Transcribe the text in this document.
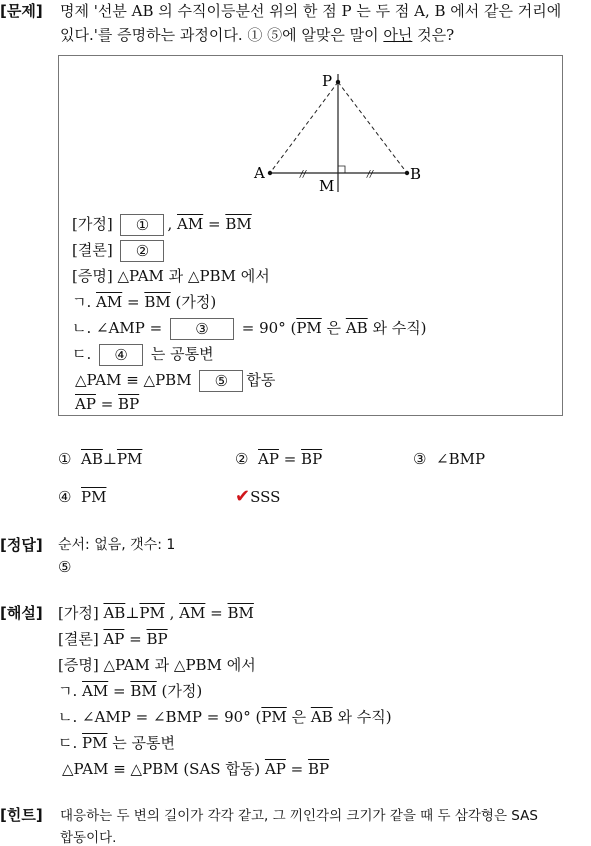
[문제] 명제 '선분 AB 의 수직이등분선 위의 한 점 P 는 두 점 A, B 에서 같은 거리에
있다.'를 증명하는 과정이다. ① ⑤에 알맞은 말이 아닌 것은?
P
A	B
M
//	//
[가정] ① , $\overline{AM} = \overline{BM}$
[결론] ②
[증명] △PAM 과 △PBM 에서
ㄱ. $\overline{AM} = \overline{BM}$ (가정)
ㄴ. ∠AMP = ③ = 90° ($\overline{PM}$ 은 $\overline{AB}$ 와 수직)
ㄷ. ④ 는 공통변
△PAM ≡ △PBM ⑤ 합동
$\overline{AP} = \overline{BP}$
① $\overline{AB}\perp\overline{PM}$	② $\overline{AP} = \overline{BP}$	③ ∠BMP
④ $\overline{PM}$	✔SSS
[정답] 순서: 없음, 갯수: 1
⑤
[해설] [가정] $\overline{AB}\perp\overline{PM}$ , $\overline{AM} = \overline{BM}$
[결론] $\overline{AP} = \overline{BP}$
[증명] △PAM 과 △PBM 에서
ㄱ. $\overline{AM} = \overline{BM}$ (가정)
ㄴ. ∠AMP = ∠BMP = 90° ($\overline{PM}$ 은 $\overline{AB}$ 와 수직)
ㄷ. $\overline{PM}$ 는 공통변
△PAM ≡ △PBM (SAS 합동) $\overline{AP} = \overline{BP}$
[힌트] 대응하는 두 변의 길이가 각각 같고, 그 끼인각의 크기가 같을 때 두 삼각형은 SAS
합동이다.
